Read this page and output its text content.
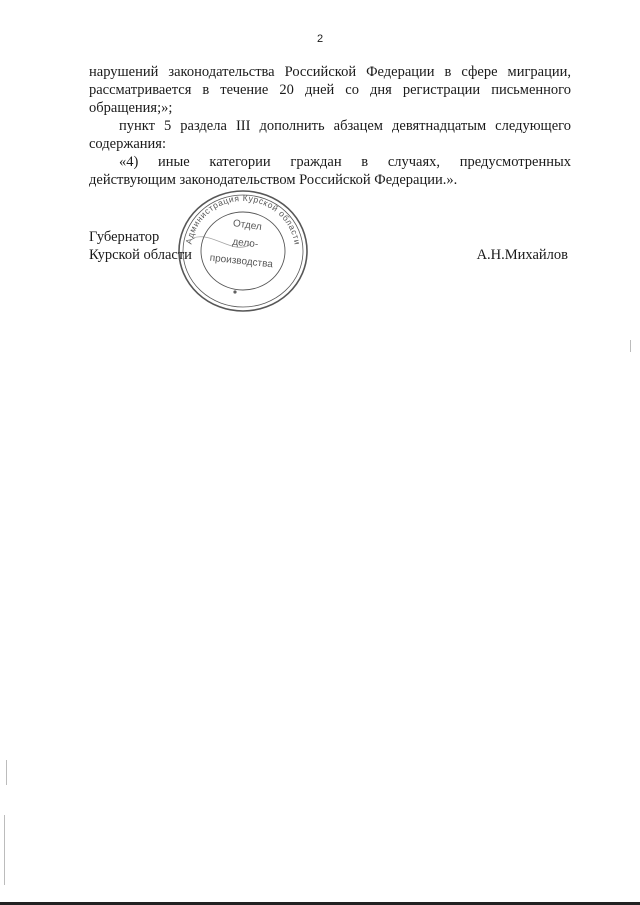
2

нарушений законодательства Российской Федерации в сфере миграции,

рассматривается в течение 20 дней со дня регистрации письменного

обращения;»;

пункт 5 раздела III дополнить абзацем девятнадцатым следующего

содержания:

«4) иные категории граждан в случаях, предусмотренных

действующим законодательством Российской Федерации.».

Губернатор
Курской области	А.Н.Михайлов
Администрация Курской области
Отдел
дело-
производства
